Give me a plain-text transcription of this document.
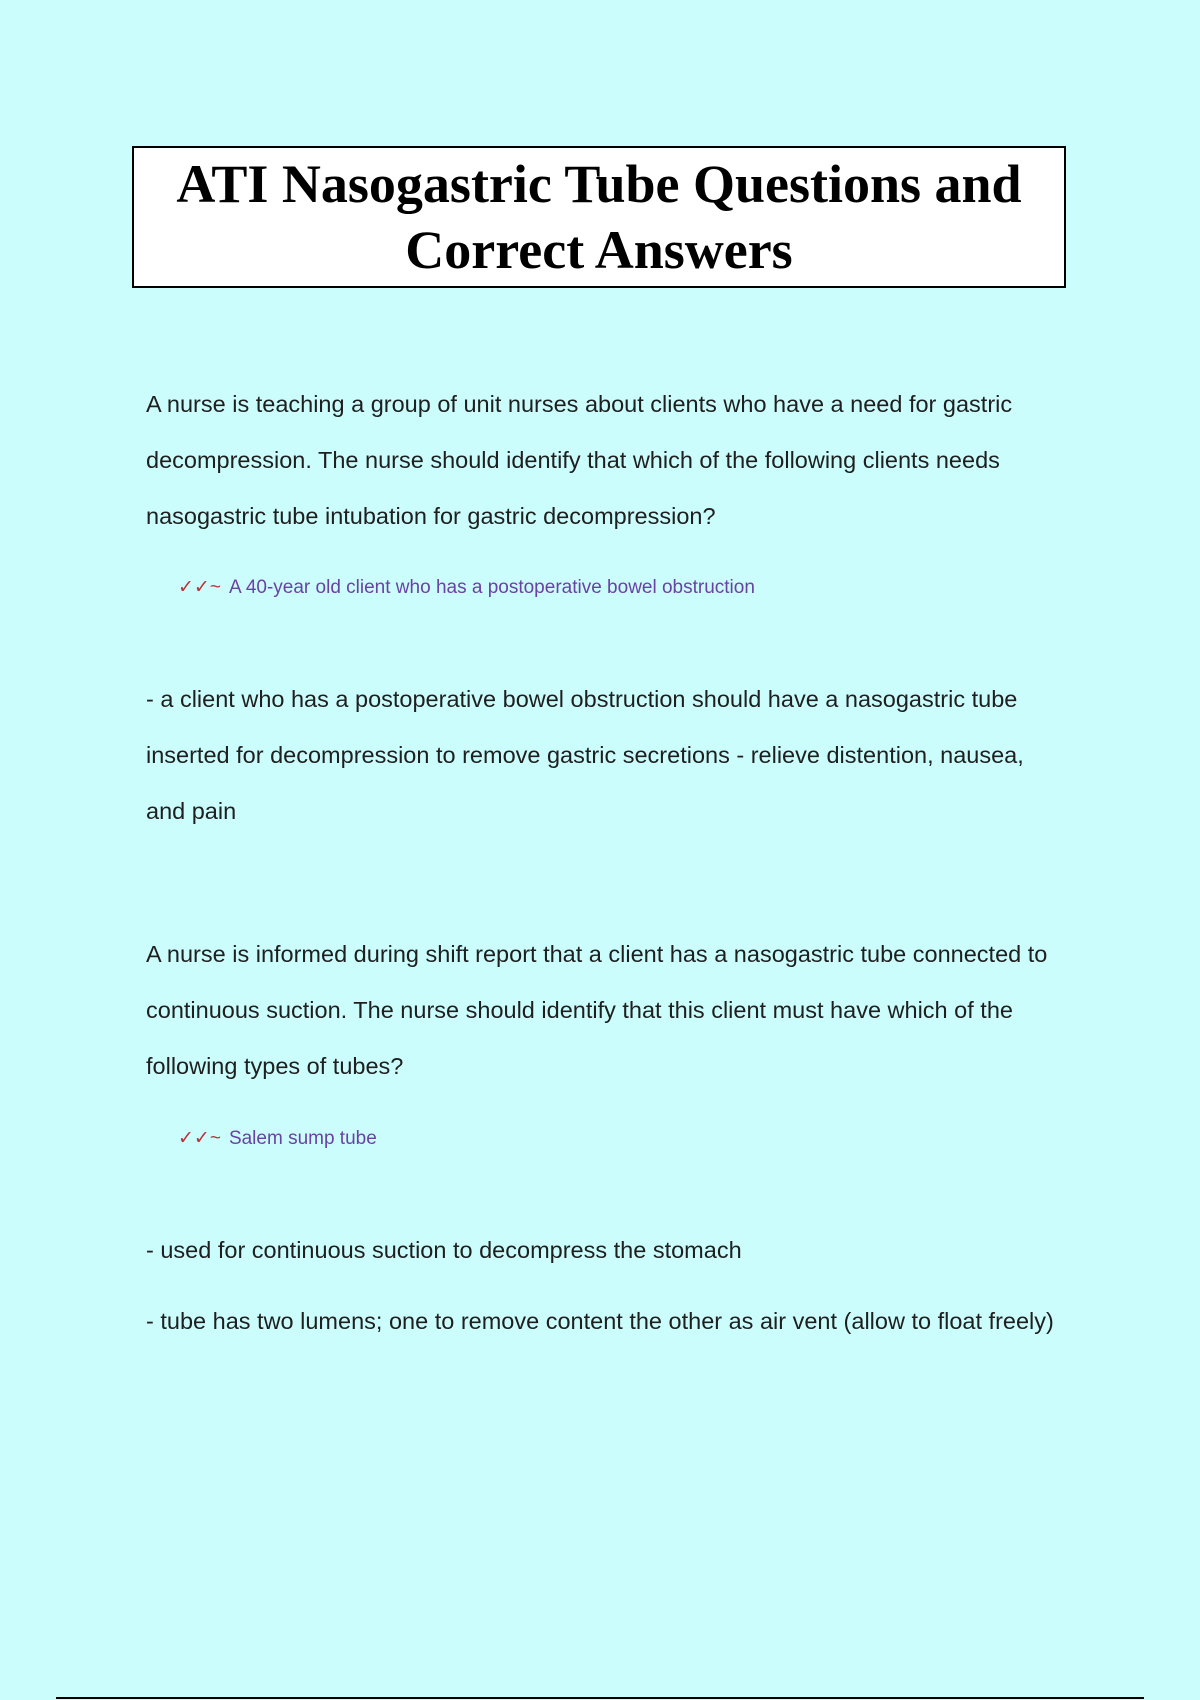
ATI Nasogastric Tube Questions and Correct Answers

A nurse is teaching a group of unit nurses about clients who have a need for gastric decompression. The nurse should identify that which of the following clients needs nasogastric tube intubation for gastric decompression?

✓✓~ A 40-year old client who has a postoperative bowel obstruction

- a client who has a postoperative bowel obstruction should have a nasogastric tube inserted for decompression to remove gastric secretions - relieve distention, nausea, and pain

A nurse is informed during shift report that a client has a nasogastric tube connected to continuous suction. The nurse should identify that this client must have which of the following types of tubes?

✓✓~ Salem sump tube

- used for continuous suction to decompress the stomach

- tube has two lumens; one to remove content the other as air vent (allow to float freely)
